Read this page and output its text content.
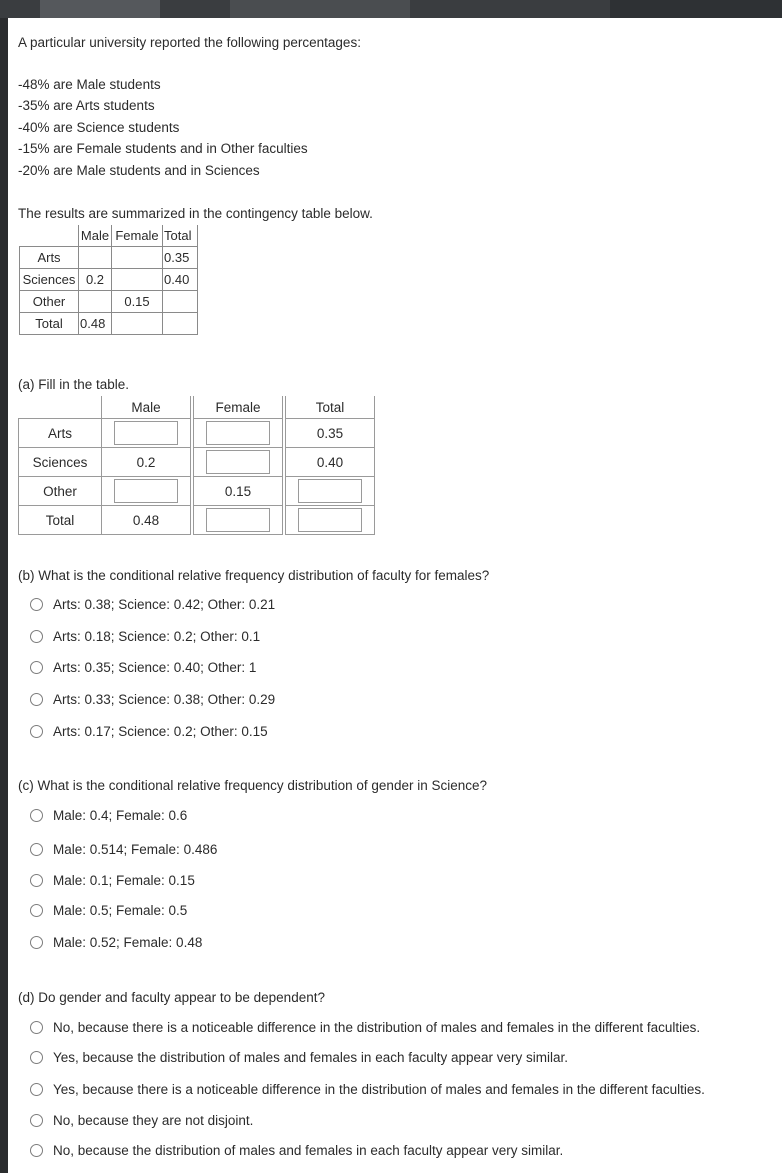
A particular university reported the following percentages:
-48% are Male students
-35% are Arts students
-40% are Science students
-15% are Female students and in Other faculties
-20% are Male students and in Sciences
The results are summarized in the contingency table below.
	Male	Female	Total
Arts			0.35
Sciences	0.2		0.40
Other		0.15	
Total	0.48		
(a) Fill in the table.
	Male		Female		Total
Arts					0.35
Sciences	0.2				0.40
Other			0.15		
Total	0.48				
(b) What is the conditional relative frequency distribution of faculty for females?
Arts: 0.38; Science: 0.42; Other: 0.21
Arts: 0.18; Science: 0.2; Other: 0.1
Arts: 0.35; Science: 0.40; Other: 1
Arts: 0.33; Science: 0.38; Other: 0.29
Arts: 0.17; Science: 0.2; Other: 0.15
(c) What is the conditional relative frequency distribution of gender in Science?
Male: 0.4; Female: 0.6
Male: 0.514; Female: 0.486
Male: 0.1; Female: 0.15
Male: 0.5; Female: 0.5
Male: 0.52; Female: 0.48
(d) Do gender and faculty appear to be dependent?
No, because there is a noticeable difference in the distribution of males and females in the different faculties.
Yes, because the distribution of males and females in each faculty appear very similar.
Yes, because there is a noticeable difference in the distribution of males and females in the different faculties.
No, because they are not disjoint.
No, because the distribution of males and females in each faculty appear very similar.
